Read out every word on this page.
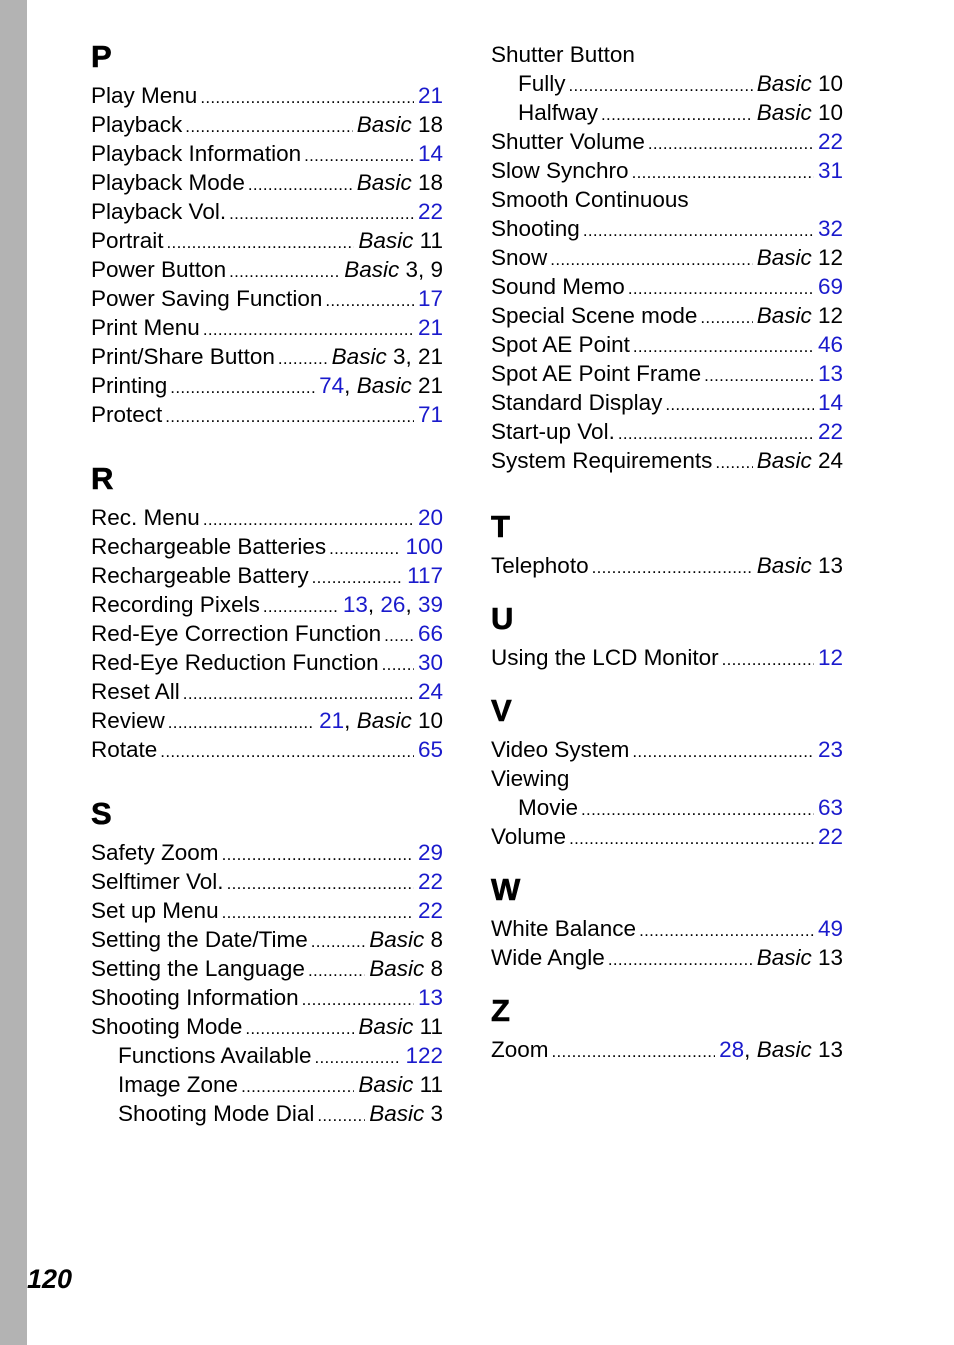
P
Play Menu .....	21
Playback .....	Basic 18
Playback Information .....	14
Playback Mode .....	Basic 18
Playback Vol. .....	22
Portrait .....	Basic 11
Power Button .....	Basic 3, 9
Power Saving Function .....	17
Print Menu .....	21
Print/Share Button .....	Basic 3, 21
Printing .....	74, Basic 21
Protect .....	71
R
Rec. Menu .....	20
Rechargeable Batteries .....	100
Rechargeable Battery .....	117
Recording Pixels .....	13, 26, 39
Red-Eye Correction Function ..... 66
Red-Eye Reduction Function ..... 30
Reset All .....	24
Review .....	21, Basic 10
Rotate .....	65
S
Safety Zoom .....	29
Selftimer Vol. .....	22
Set up Menu .....	22
Setting the Date/Time .....	Basic 8
Setting the Language .....	Basic 8
Shooting Information .....	13
Shooting Mode .....	Basic 11
Functions Available .....	122
Image Zone .....	Basic 11
Shooting Mode Dial ..... Basic 3
Shutter Button
Fully .....	Basic 10
Halfway .....	Basic 10
Shutter Volume .....	22
Slow Synchro .....	31
Smooth Continuous
Shooting .....	32
Snow .....	Basic 12
Sound Memo .....	69
Special Scene mode .....	Basic 12
Spot AE Point .....	46
Spot AE Point Frame .....	13
Standard Display .....	14
Start-up Vol. .....	22
System Requirements ..... Basic 24
T
Telephoto .....	Basic 13
U
Using the LCD Monitor .....	12
V
Video System .....	23
Viewing
Movie .....	63
Volume .....	22
W
White Balance .....	49
Wide Angle .....	Basic 13
Z
Zoom .....	28, Basic 13
120
